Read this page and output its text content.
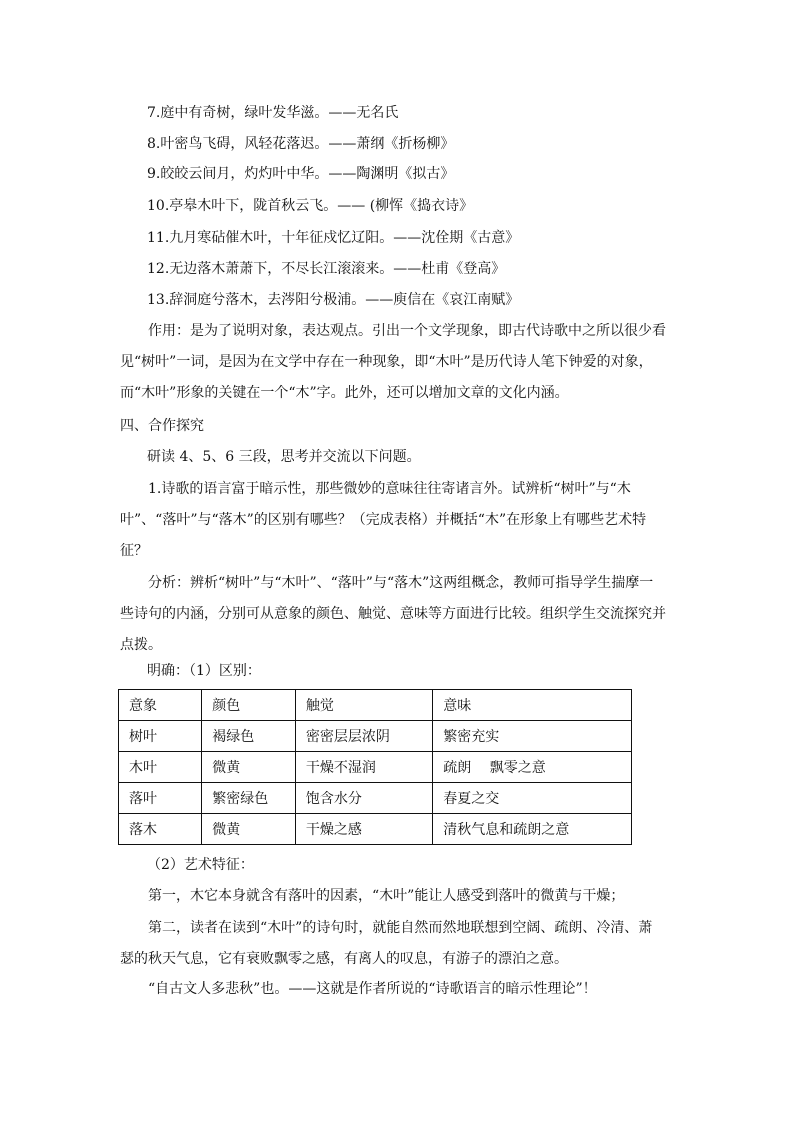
7.庭中有奇树，绿叶发华滋。——无名氏
8.叶密鸟飞碍，风轻花落迟。——萧纲《折杨柳》
9.皎皎云间月，灼灼叶中华。——陶渊明《拟古》
10.亭皋木叶下，陇首秋云飞。—— (柳恽《捣衣诗》
11.九月寒砧催木叶，十年征戍忆辽阳。——沈佺期《古意》
12.无边落木萧萧下，不尽长江滚滚来。——杜甫《登高》
13.辞洞庭兮落木，去涔阳兮极浦。——庾信在《哀江南赋》
作用：是为了说明对象，表达观点。引出一个文学现象，即古代诗歌中之所以很少看见“树叶”一词，是因为在文学中存在一种现象，即“木叶”是历代诗人笔下钟爱的对象，而“木叶”形象的关键在一个“木”字。此外，还可以增加文章的文化内涵。
四、合作探究
研读 4、5、6 三段，思考并交流以下问题。
1.诗歌的语言富于暗示性，那些微妙的意味往往寄诸言外。试辨析“树叶”与“木叶”、“落叶”与“落木”的区别有哪些？（完成表格）并概括“木”在形象上有哪些艺术特征？
分析：辨析“树叶”与“木叶”、“落叶”与“落木”这两组概念，教师可指导学生揣摩一些诗句的内涵，分别可从意象的颜色、触觉、意味等方面进行比较。组织学生交流探究并点拨。
明确：（1）区别：
意象	颜色	触觉	意味
树叶	褐绿色	密密层层浓阴	繁密充实
木叶	微黄	干燥不湿润	疏朗　 飘零之意
落叶	繁密绿色	饱含水分	春夏之交
落木	微黄	干燥之感	清秋气息和疏朗之意
（2）艺术特征：
第一，木它本身就含有落叶的因素，“木叶”能让人感受到落叶的微黄与干燥；
第二，读者在读到“木叶”的诗句时，就能自然而然地联想到空阔、疏朗、冷清、萧瑟的秋天气息，它有衰败飘零之感，有离人的叹息，有游子的漂泊之意。
“自古文人多悲秋”也。——这就是作者所说的“诗歌语言的暗示性理论”！
